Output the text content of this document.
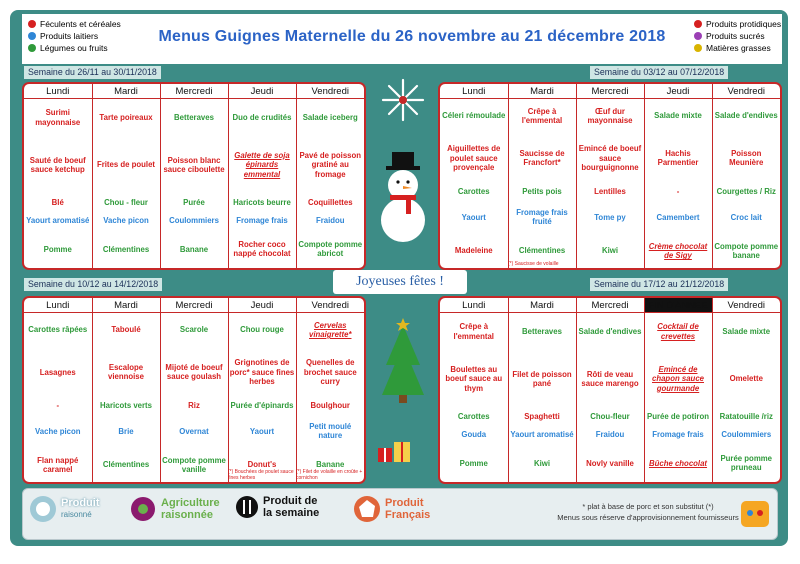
Féculents et céréales
Produits laitiers
Légumes ou fruits
Menus Guignes Maternelle du 26 novembre au 21 décembre 2018
Produits protidiques
Produits sucrés
Matières grasses
Semaine du 26/11 au 30/11/2018	Semaine du 03/12 au 07/12/2018
Semaine du 10/12 au 14/12/2018	Semaine du 17/12 au 21/12/2018
Lundi	Mardi	Mercredi	Jeudi	Vendredi
Surimi mayonnaise	Tarte poireaux	Betteraves	Duo de crudités	Salade iceberg
Sauté de boeuf sauce ketchup	Frites de poulet	Poisson blanc sauce ciboulette	Galette de soja épinards emmental	Pavé de poisson gratiné au fromage
Blé	Chou - fleur	Purée	Haricots beurre	Coquillettes
Yaourt aromatisé	Vache picon	Coulommiers	Fromage frais	Fraidou
Pomme	Clémentines	Banane	Rocher coco nappé chocolat	Compote pomme abricot
Lundi	Mardi	Mercredi	Jeudi	Vendredi
Céleri rémoulade	Crêpe à l'emmental	Œuf dur mayonnaise	Salade mixte	Salade d'endives
Aiguillettes de poulet sauce provençale	Saucisse de Francfort*	Emincé de boeuf sauce bourguignonne	Hachis Parmentier	Poisson Meunière
Carottes	Petits pois	Lentilles	-	Courgettes / Riz
Yaourt	Fromage frais fruité	Tome py	Camembert	Croc lait
Madeleine	Clémentines	Kiwi	Crème chocolat de Sigy	Compote pomme banane
(*) Saucisse de volaille
Lundi	Mardi	Mercredi	Jeudi	Vendredi
Carottes râpées	Taboulé	Scarole	Chou rouge	Cervelas vinaigrette*
Lasagnes	Escalope viennoise	Mijoté de boeuf sauce goulash	Grignotines de porc* sauce fines herbes	Quenelles de brochet sauce curry
-	Haricots verts	Riz	Purée d'épinards	Boulghour
Vache picon	Brie	Overnat	Yaourt	Petit moulé nature
Flan nappé caramel	Clémentines	Compote pomme vanille	Donut's	Banane
(*) Bouchées de poulet sauce fines herbes
(*) Filet de volaille en croûte + cornichon
Lundi	Mardi	Mercredi	FIN D'ANNEE	Vendredi
Crêpe à l'emmental	Betteraves	Salade d'endives	Cocktail de crevettes	Salade mixte
Boulettes au boeuf sauce au thym	Filet de poisson pané	Rôti de veau sauce marengo	Emincé de chapon sauce gourmande	Omelette
Carottes	Spaghetti	Chou-fleur	Purée de potiron	Ratatouille /riz
Gouda	Yaourt aromatisé	Fraidou	Fromage frais	Coulommiers
Pomme	Kiwi	Novly vanille	Bûche chocolat	Purée pomme pruneau
Joyeuses fêtes !
Produit
raisonné
Agriculture
raisonnée
Produit de
la semaine
Produit
Français
* plat à base de porc et son substitut (*)
Menus sous réserve d'approvisionnement fournisseurs
